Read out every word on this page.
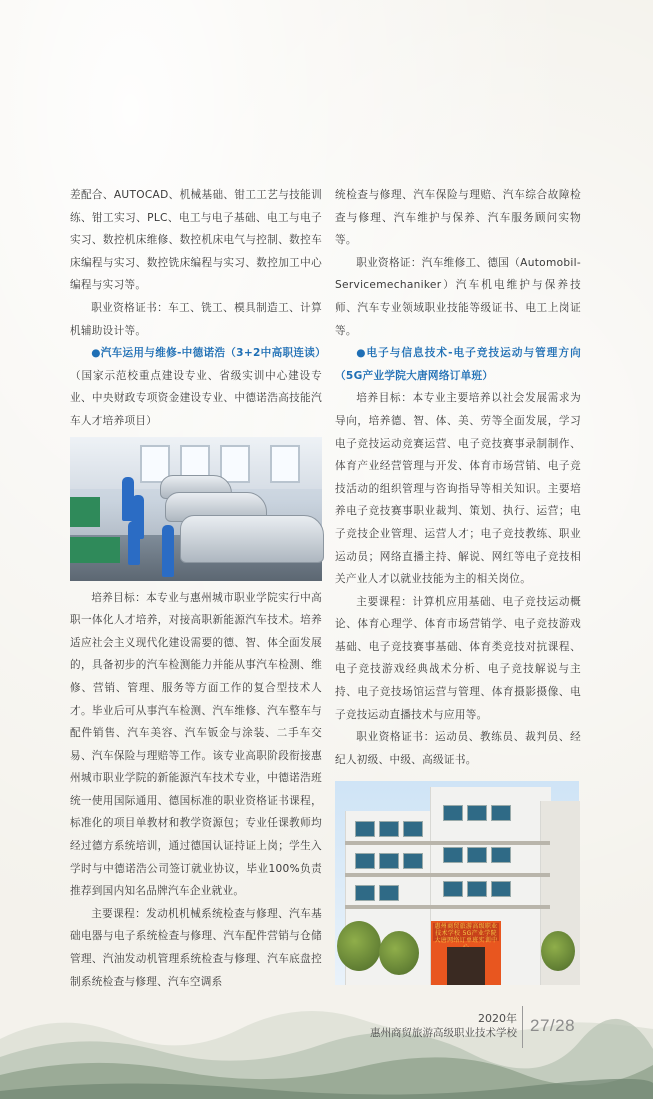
差配合、AUTOCAD、机械基础、钳工工艺与技能训练、钳工实习、PLC、电工与电子基础、电工与电子实习、数控机床维修、数控机床电气与控制、数控车床编程与实习、数控铣床编程与实习、数控加工中心编程与实习等。

职业资格证书：车工、铣工、模具制造工、计算机辅助设计等。

●汽车运用与维修-中德诺浩（3+2中高职连读）

（国家示范校重点建设专业、省级实训中心建设专业、中央财政专项资金建设专业、中德诺浩高技能汽车人才培养项目）

培养目标：本专业与惠州城市职业学院实行中高职一体化人才培养，对接高职新能源汽车技术。培养适应社会主义现代化建设需要的德、智、体全面发展的，具备初步的汽车检测能力并能从事汽车检测、维修、营销、管理、服务等方面工作的复合型技术人才。毕业后可从事汽车检测、汽车维修、汽车整车与配件销售、汽车美容、汽车钣金与涂装、二手车交易、汽车保险与理赔等工作。该专业高职阶段衔接惠州城市职业学院的新能源汽车技术专业，中德诺浩班统一使用国际通用、德国标准的职业资格证书课程，标准化的项目单教材和教学资源包；专业任课教师均经过德方系统培训，通过德国认证持证上岗；学生入学时与中德诺浩公司签订就业协议，毕业100%负责推荐到国内知名品牌汽车企业就业。

主要课程：发动机机械系统检查与修理、汽车基础电器与电子系统检查与修理、汽车配件营销与仓储管理、汽油发动机管理系统检查与修理、汽车底盘控制系统检查与修理、汽车空调系

统检查与修理、汽车保险与理赔、汽车综合故障检查与修理、汽车维护与保养、汽车服务顾问实物等。

职业资格证：汽车维修工、德国（Automobil-Servicemechaniker）汽车机电维护与保养技师、汽车专业领域职业技能等级证书、电工上岗证等。

●电子与信息技术-电子竞技运动与管理方向（5G产业学院大唐网络订单班）

培养目标：本专业主要培养以社会发展需求为导向，培养德、智、体、美、劳等全面发展，学习电子竞技运动竞赛运营、电子竞技赛事录制制作、体育产业经营管理与开发、体育市场营销、电子竞技活动的组织管理与咨询指导等相关知识。主要培养电子竞技赛事职业裁判、策划、执行、运营；电子竞技企业管理、运营人才；电子竞技教练、职业运动员；网络直播主持、解说、网红等电子竞技相关产业人才以就业技能为主的相关岗位。

主要课程：计算机应用基础、电子竞技运动概论、体育心理学、体育市场营销学、电子竞技游戏基础、电子竞技赛事基础、体育类竞技对抗课程、电子竞技游戏经典战术分析、电子竞技解说与主持、电子竞技场馆运营与管理、体育摄影摄像、电子竞技运动直播技术与应用等。

职业资格证书：运动员、教练员、裁判员、经纪人初级、中级、高级证书。

惠州商贸旅游高级职业技术学校 5G产业学院大唐网络订单班实训中
2020年
惠州商贸旅游高级职业技术学校 27/28
